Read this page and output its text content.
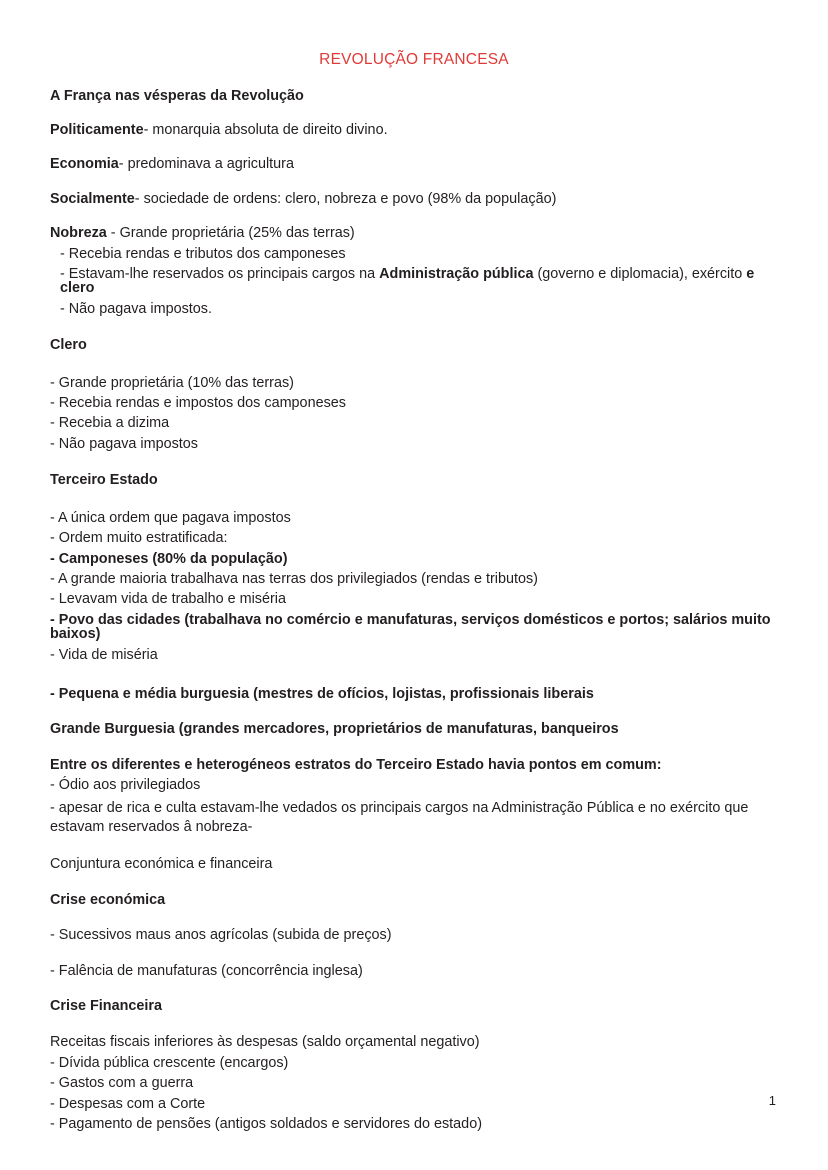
REVOLUÇÃO FRANCESA

A França nas vésperas da Revolução

Politicamente- monarquia absoluta de direito divino.

Economia- predominava a agricultura

Socialmente- sociedade de ordens: clero, nobreza e povo (98% da população)

Nobreza - Grande proprietária (25% das terras)

- Recebia rendas e tributos dos camponeses

- Estavam-lhe reservados os principais cargos na Administração pública (governo e diplomacia), exército e clero

- Não pagava impostos.

Clero

- Grande proprietária (10% das terras)

- Recebia rendas e impostos dos camponeses

- Recebia a dizima

- Não pagava impostos

Terceiro Estado

- A única ordem que pagava impostos

- Ordem muito estratificada:

- Camponeses (80% da população)

- A grande maioria trabalhava nas terras dos privilegiados (rendas e tributos)

- Levavam vida de trabalho e miséria

- Povo das cidades (trabalhava no comércio e manufaturas, serviços domésticos e portos; salários muito baixos)

- Vida de miséria

- Pequena e média burguesia (mestres de ofícios, lojistas, profissionais liberais

Grande Burguesia (grandes mercadores, proprietários de manufaturas, banqueiros

Entre os diferentes e heterogéneos estratos do Terceiro Estado havia pontos em comum:

- Ódio aos privilegiados

- apesar de rica e culta estavam-lhe vedados os principais cargos na Administração Pública e no exército que estavam reservados â nobreza-

Conjuntura económica e financeira

Crise económica

- Sucessivos maus anos agrícolas (subida de preços)

- Falência de manufaturas (concorrência inglesa)

Crise Financeira

Receitas fiscais inferiores às despesas (saldo orçamental negativo)

- Dívida pública crescente (encargos)

- Gastos com a guerra

- Despesas com a Corte

- Pagamento de pensões (antigos soldados e servidores do estado)

1
